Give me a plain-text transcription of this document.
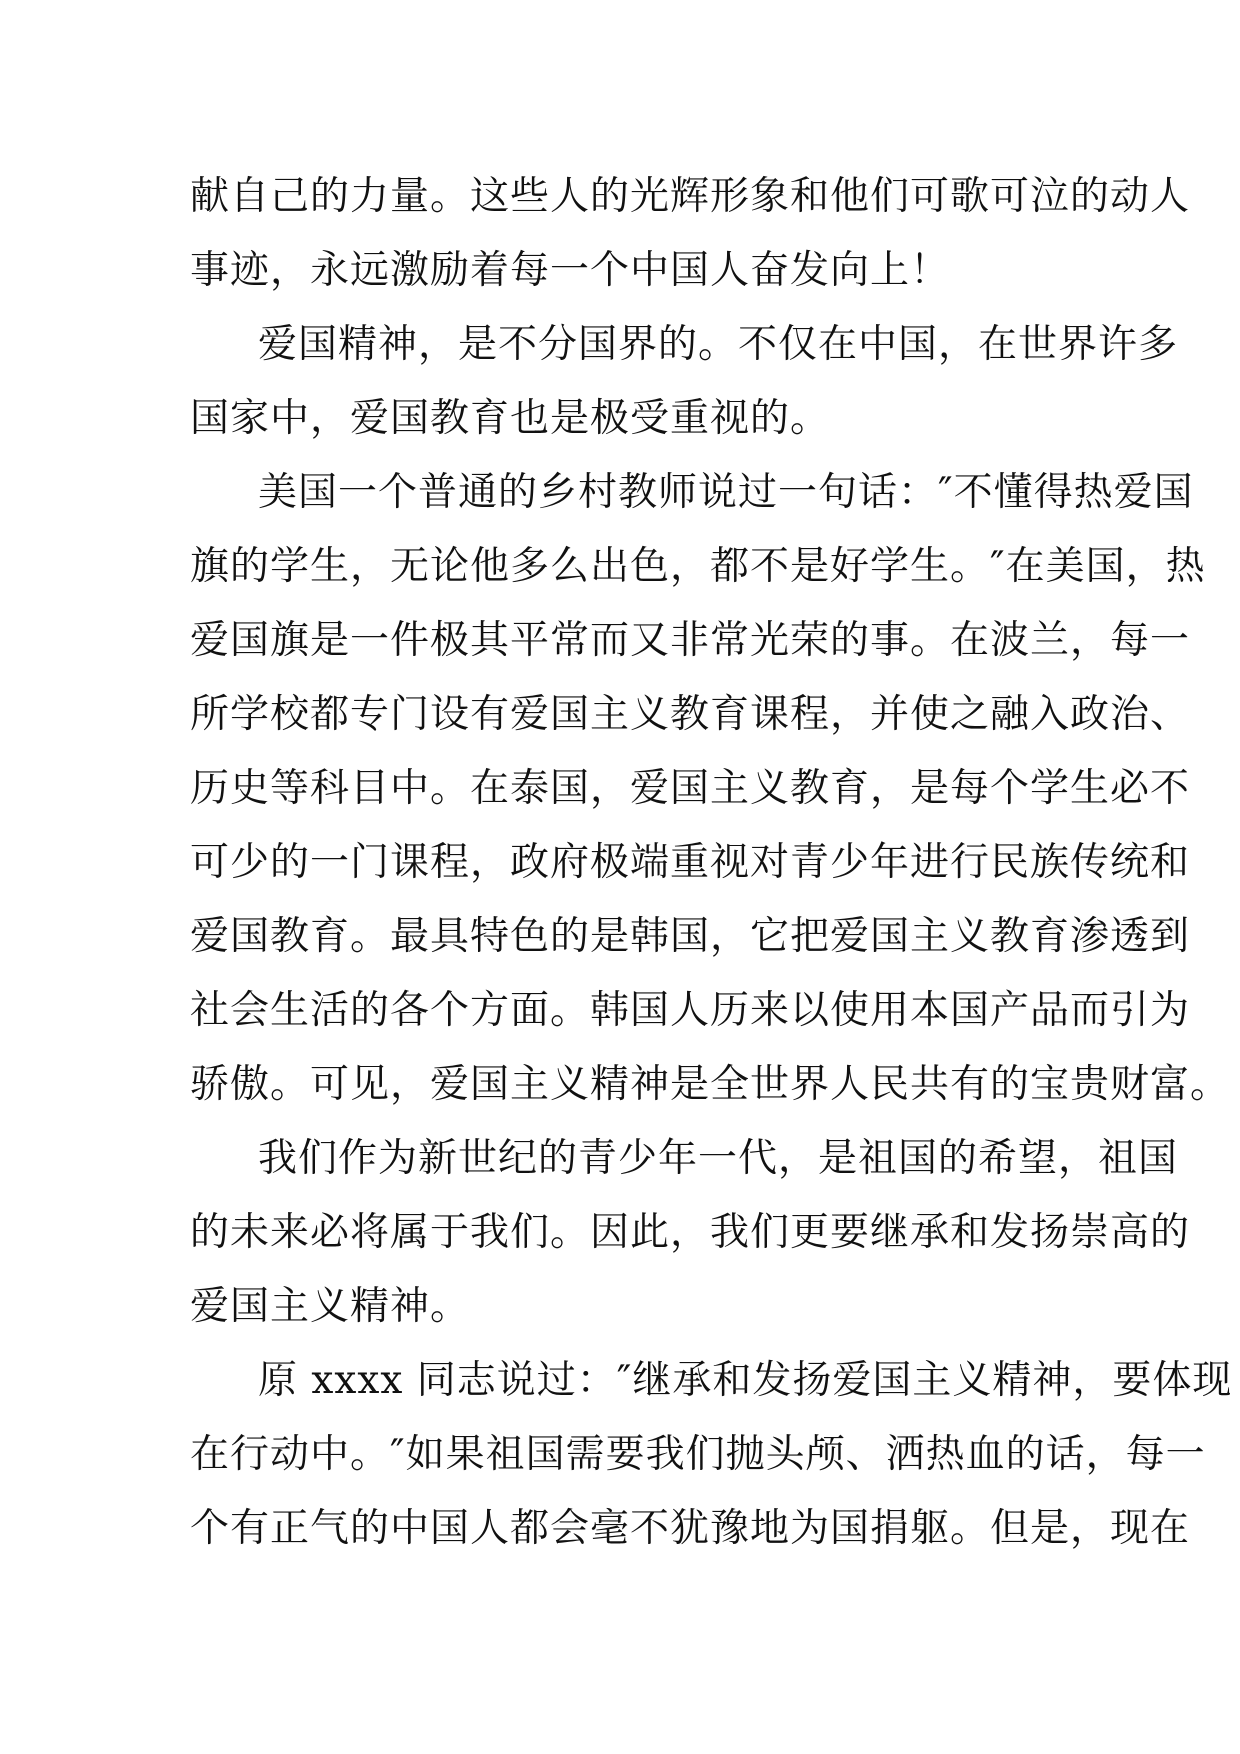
献自己的力量。这些人的光辉形象和他们可歌可泣的动人
事迹，永远激励着每一个中国人奋发向上！
爱国精神，是不分国界的。不仅在中国，在世界许多
国家中，爱国教育也是极受重视的。
美国一个普通的乡村教师说过一句话：″不懂得热爱国
旗的学生，无论他多么出色，都不是好学生。″在美国，热
爱国旗是一件极其平常而又非常光荣的事。在波兰，每一
所学校都专门设有爱国主义教育课程，并使之融入政治、
历史等科目中。在泰国，爱国主义教育，是每个学生必不
可少的一门课程，政府极端重视对青少年进行民族传统和
爱国教育。最具特色的是韩国，它把爱国主义教育渗透到
社会生活的各个方面。韩国人历来以使用本国产品而引为
骄傲。可见，爱国主义精神是全世界人民共有的宝贵财富。
我们作为新世纪的青少年一代，是祖国的希望，祖国
的未来必将属于我们。因此，我们更要继承和发扬崇高的
爱国主义精神。
原 xxxx 同志说过：″继承和发扬爱国主义精神，要体现
在行动中。″如果祖国需要我们抛头颅、洒热血的话，每一
个有正气的中国人都会毫不犹豫地为国捐躯。但是，现在
